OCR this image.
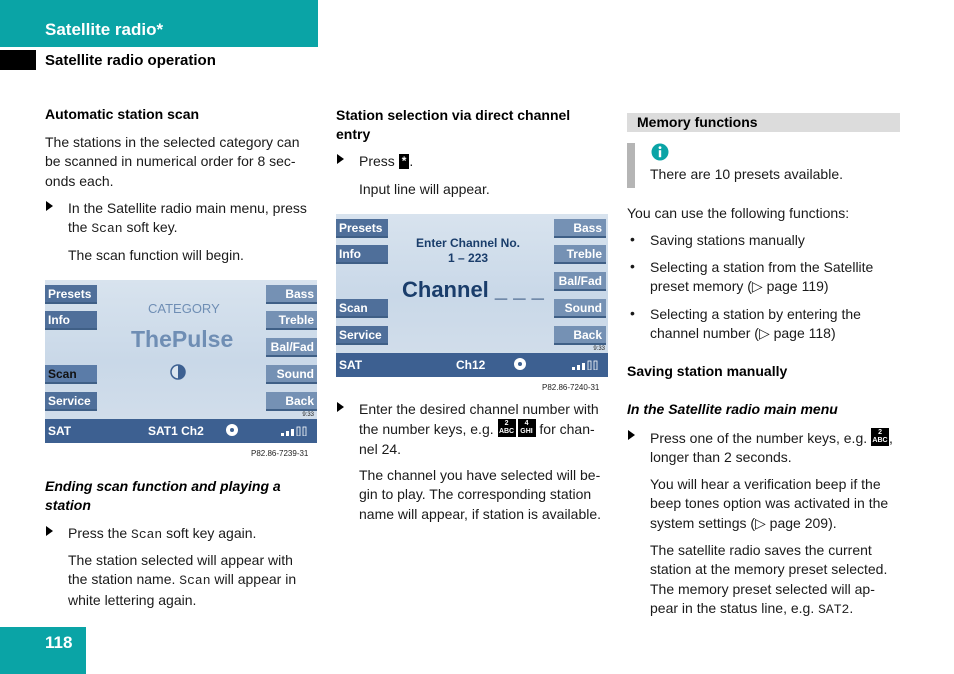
Satellite radio*
Satellite radio operation
Automatic station scan

The stations in the selected category can

be scanned in numerical order for 8 sec-

onds each.

In the Satellite radio main menu, press

the Scan soft key.

The scan function will begin.

Presets
Info
Scan
Service
Bass
Treble
Bal/Fad
Sound
Back
CATEGORY
ThePulse
9:33
SAT	SAT1 Ch2
P82.86-7239-31

Ending scan function and playing a

station

Press the Scan soft key again.

The station selected will appear with

the station name. Scan will appear in

white lettering again.

Station selection via direct channel

entry

Press * .

Input line will appear.

Presets
Info
Scan
Service
Bass
Treble
Bal/Fad
Sound
Back
Enter Channel No.
1 – 223
Channel _ _ _
9:33
SAT	Ch12
P82.86-7240-31

Enter the desired channel number with

the number keys, e.g.	2
ABC
4
GHI for chan-

nel 24.

The channel you have selected will be-

gin to play. The corresponding station

name will appear, if station is available.

Memory functions

There are 10 presets available.

You can use the following functions:

• Saving stations manually

• Selecting a station from the Satellite

preset memory (▷ page 119)

• Selecting a station by entering the

channel number (▷ page 118)

Saving station manually
In the Satellite radio main menu

Press one of the number keys, e.g.	2
ABC ,

longer than 2 seconds.

You will hear a verification beep if the

beep tones option was activated in the

system settings (▷ page 209).

The satellite radio saves the current

station at the memory preset selected.

The memory preset selected will ap-

pear in the status line, e.g. SAT2.

118
